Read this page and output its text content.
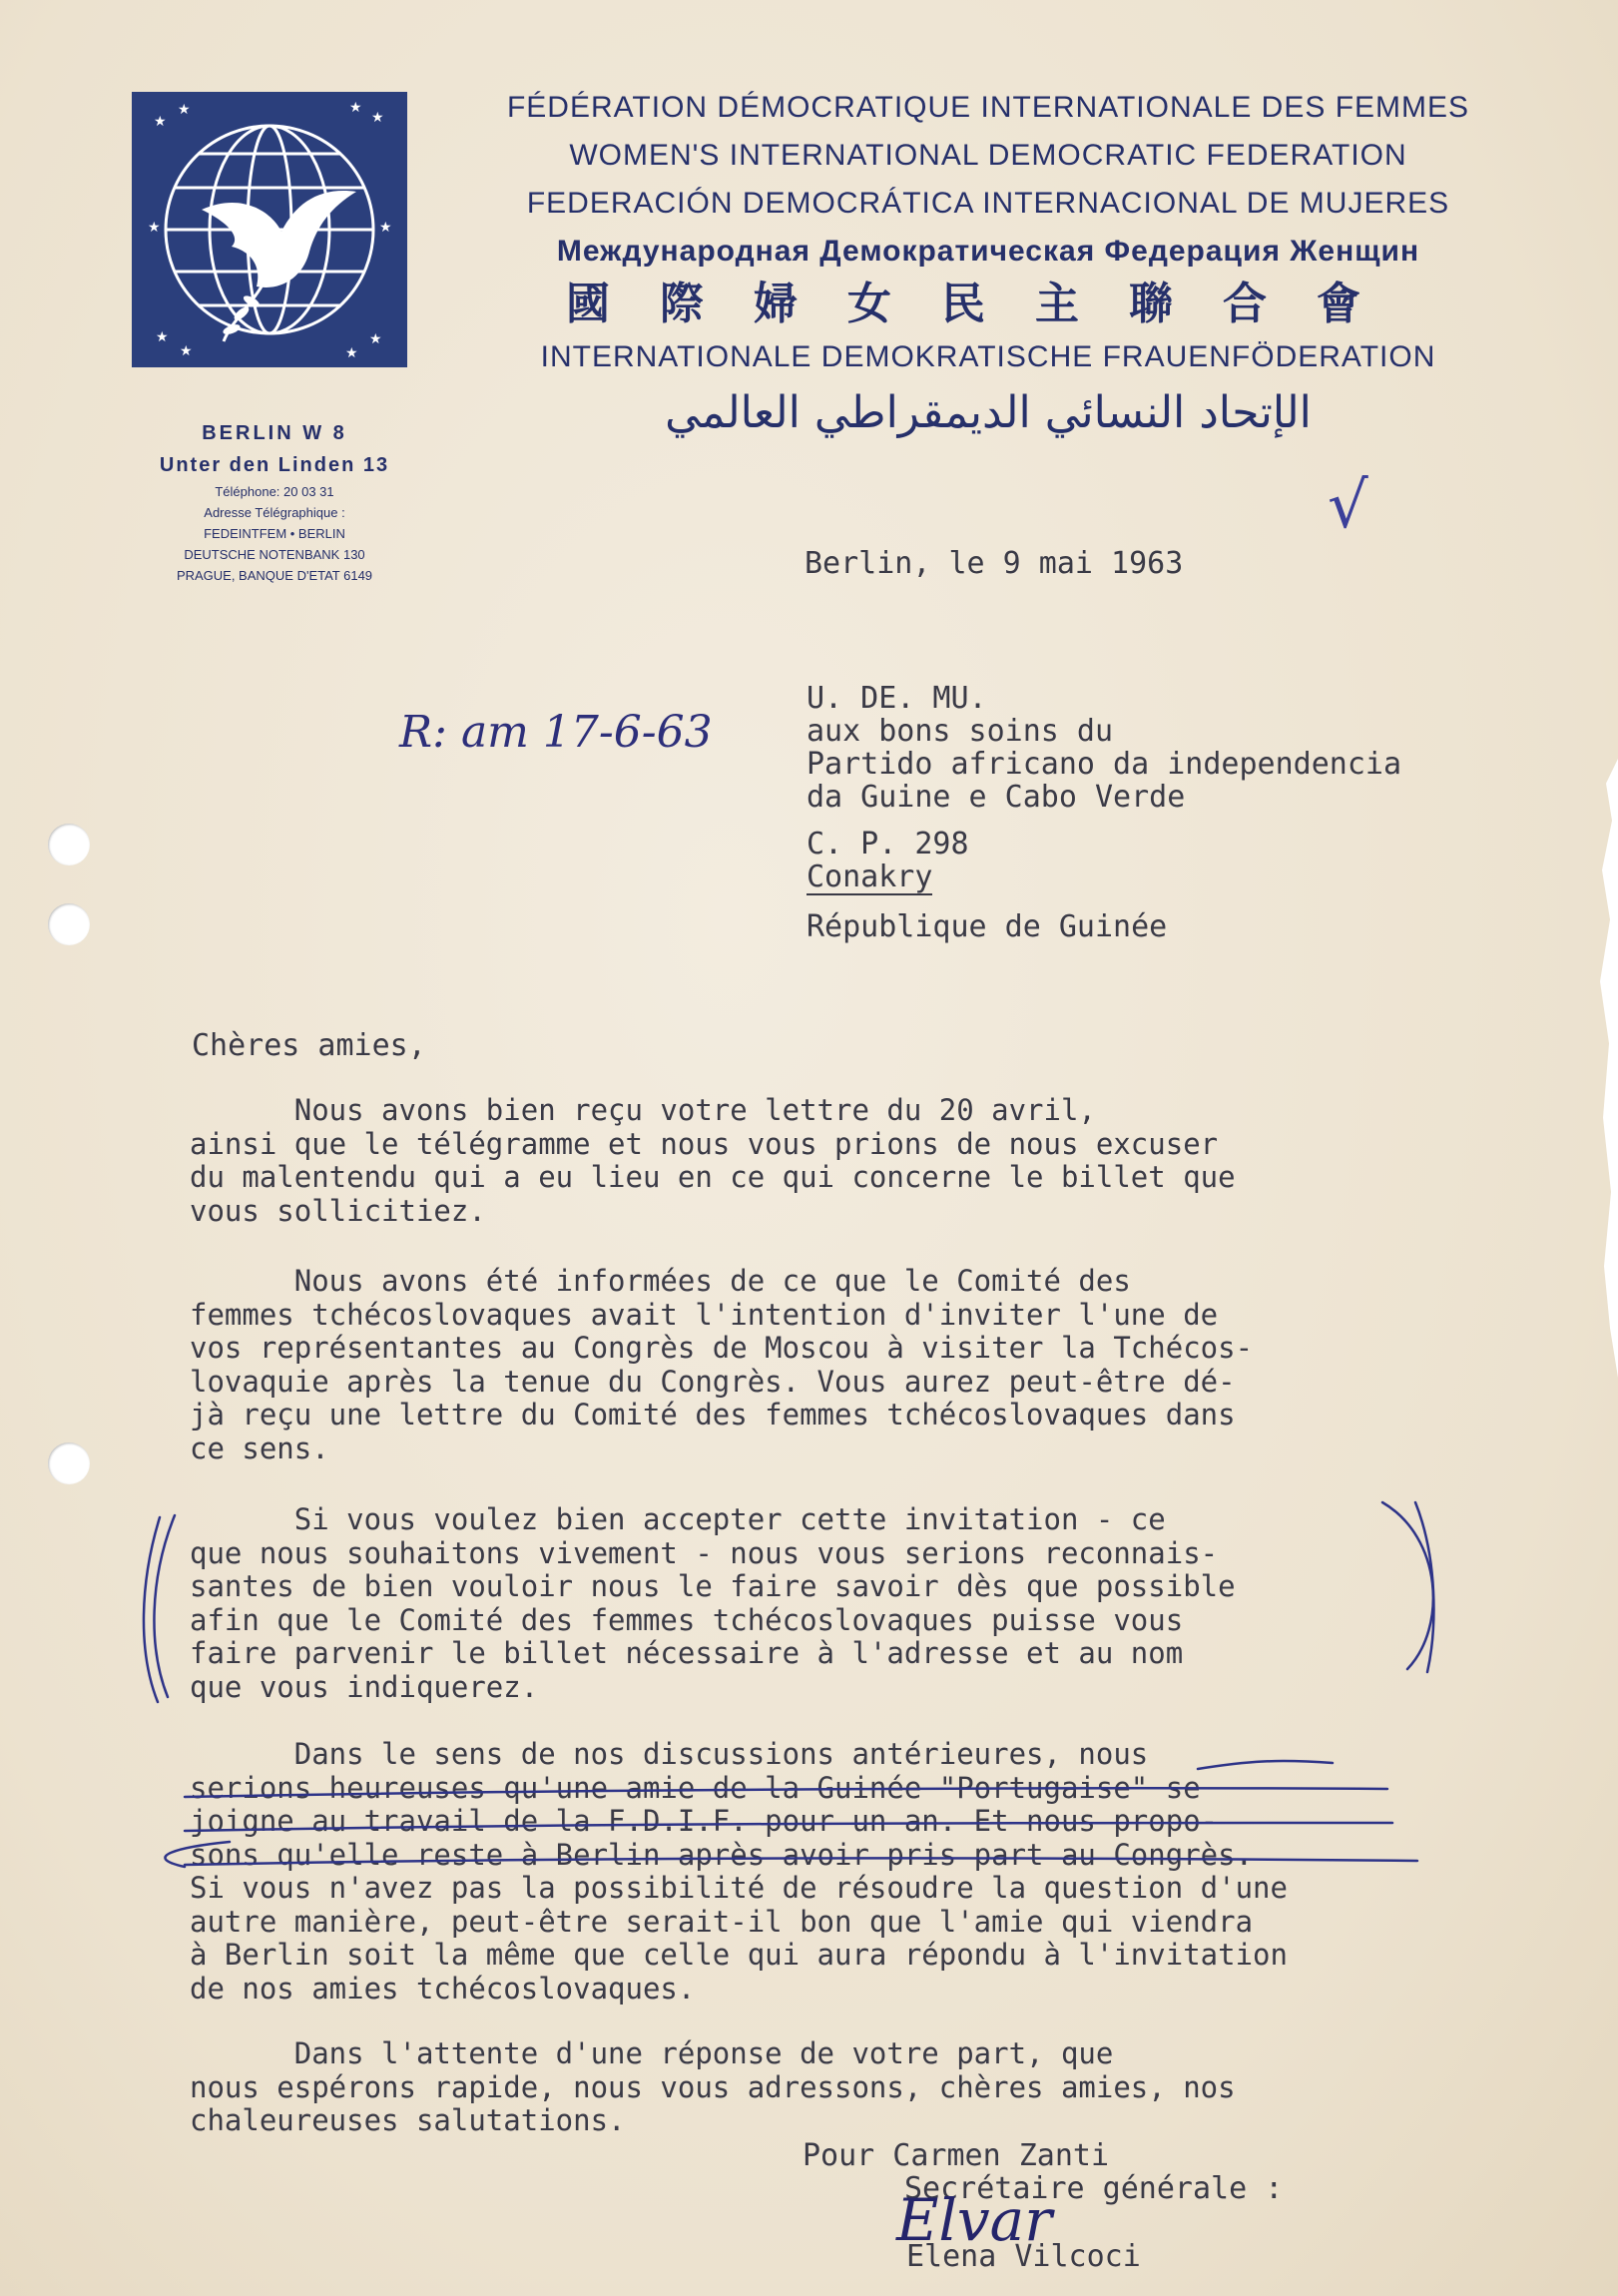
★
★	★
★
★	★
★
★
★
★
FÉDÉRATION DÉMOCRATIQUE INTERNATIONALE DES FEMMES
WOMEN'S INTERNATIONAL DEMOCRATIC FEDERATION
FEDERACIÓN DEMOCRÁTICA INTERNACIONAL DE MUJERES
Международная Демократическая Федерация Женщин
國際婦女民主聯合會
INTERNATIONALE DEMOKRATISCHE FRAUENFÖDERATION
الإتحاد النسائي الديمقراطي العالمي
BERLIN W 8
Unter den Linden 13
Téléphone: 20 03 31
Adresse Télégraphique :
FEDEINTFEM • BERLIN
DEUTSCHE NOTENBANK 130
PRAGUE, BANQUE D'ETAT 6149
√
Berlin, le 9 mai 1963
R: am 17-6-63
U. DE. MU.
aux bons soins du
Partido africano da independencia
da Guine e Cabo Verde
C. P. 298
Conakry
République de Guinée
Chères amies,
Nous avons bien reçu votre lettre du 20 avril,
ainsi que le télégramme et nous vous prions de nous excuser
du malentendu qui a eu lieu en ce qui concerne le billet que
vous sollicitiez.
Nous avons été informées de ce que le Comité des
femmes tchécoslovaques avait l'intention d'inviter l'une de
vos représentantes au Congrès de Moscou à visiter la Tchécos-
lovaquie après la tenue du Congrès. Vous aurez peut-être dé-
jà reçu une lettre du Comité des femmes tchécoslovaques dans
ce sens.
Si vous voulez bien accepter cette invitation - ce
que nous souhaitons vivement - nous vous serions reconnais-
santes de bien vouloir nous le faire savoir dès que possible
afin que le Comité des femmes tchécoslovaques puisse vous
faire parvenir le billet nécessaire à l'adresse et au nom
que vous indiquerez.
Dans le sens de nos discussions antérieures, nous
serions heureuses qu'une amie de la Guinée "Portugaise" se
joigne au travail de la F.D.I.F. pour un an. Et nous propo-
sons qu'elle reste à Berlin après avoir pris part au Congrès.
Si vous n'avez pas la possibilité de résoudre la question d'une
autre manière, peut-être serait-il bon que l'amie qui viendra
à Berlin soit la même que celle qui aura répondu à l'invitation
de nos amies tchécoslovaques.
Dans l'attente d'une réponse de votre part, que
nous espérons rapide, nous vous adressons, chères amies, nos
chaleureuses salutations.
Pour Carmen Zanti
Secrétaire générale :
Elvar
Elena Vilcoci
